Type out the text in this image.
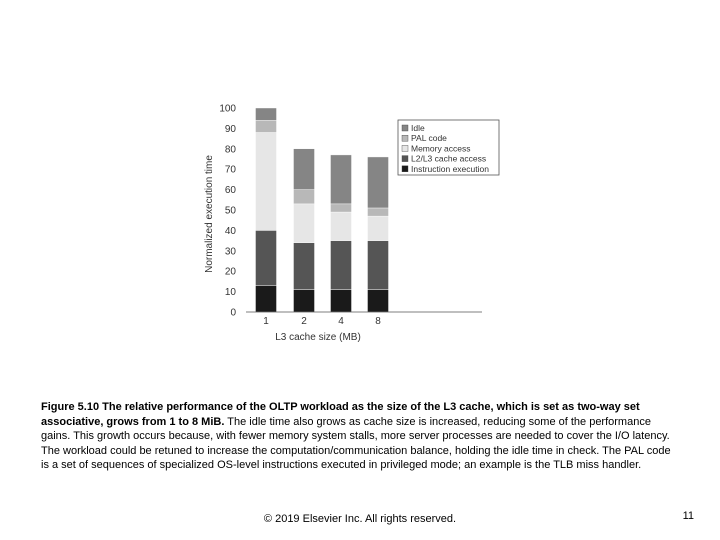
0
10
20
30
40
50
60
70
80
90
100
1	2	4	8
Normalized execution time
L3 cache size (MB)
Idle
PAL code
Memory access
L2/L3 cache access
Instruction execution
Figure 5.10 The relative performance of the OLTP workload as the size of the L3 cache, which is set as two-way set associative, grows from 1 to 8 MiB. The idle time also grows as cache size is increased, reducing some of the performance gains. This growth occurs because, with fewer memory system stalls, more server processes are needed to cover the I/O latency. The workload could be retuned to increase the computation/communication balance, holding the idle time in check. The PAL code is a set of sequences of specialized OS-level instructions executed in privileged mode; an example is the TLB miss handler.
© 2019 Elsevier Inc. All rights reserved.	11
